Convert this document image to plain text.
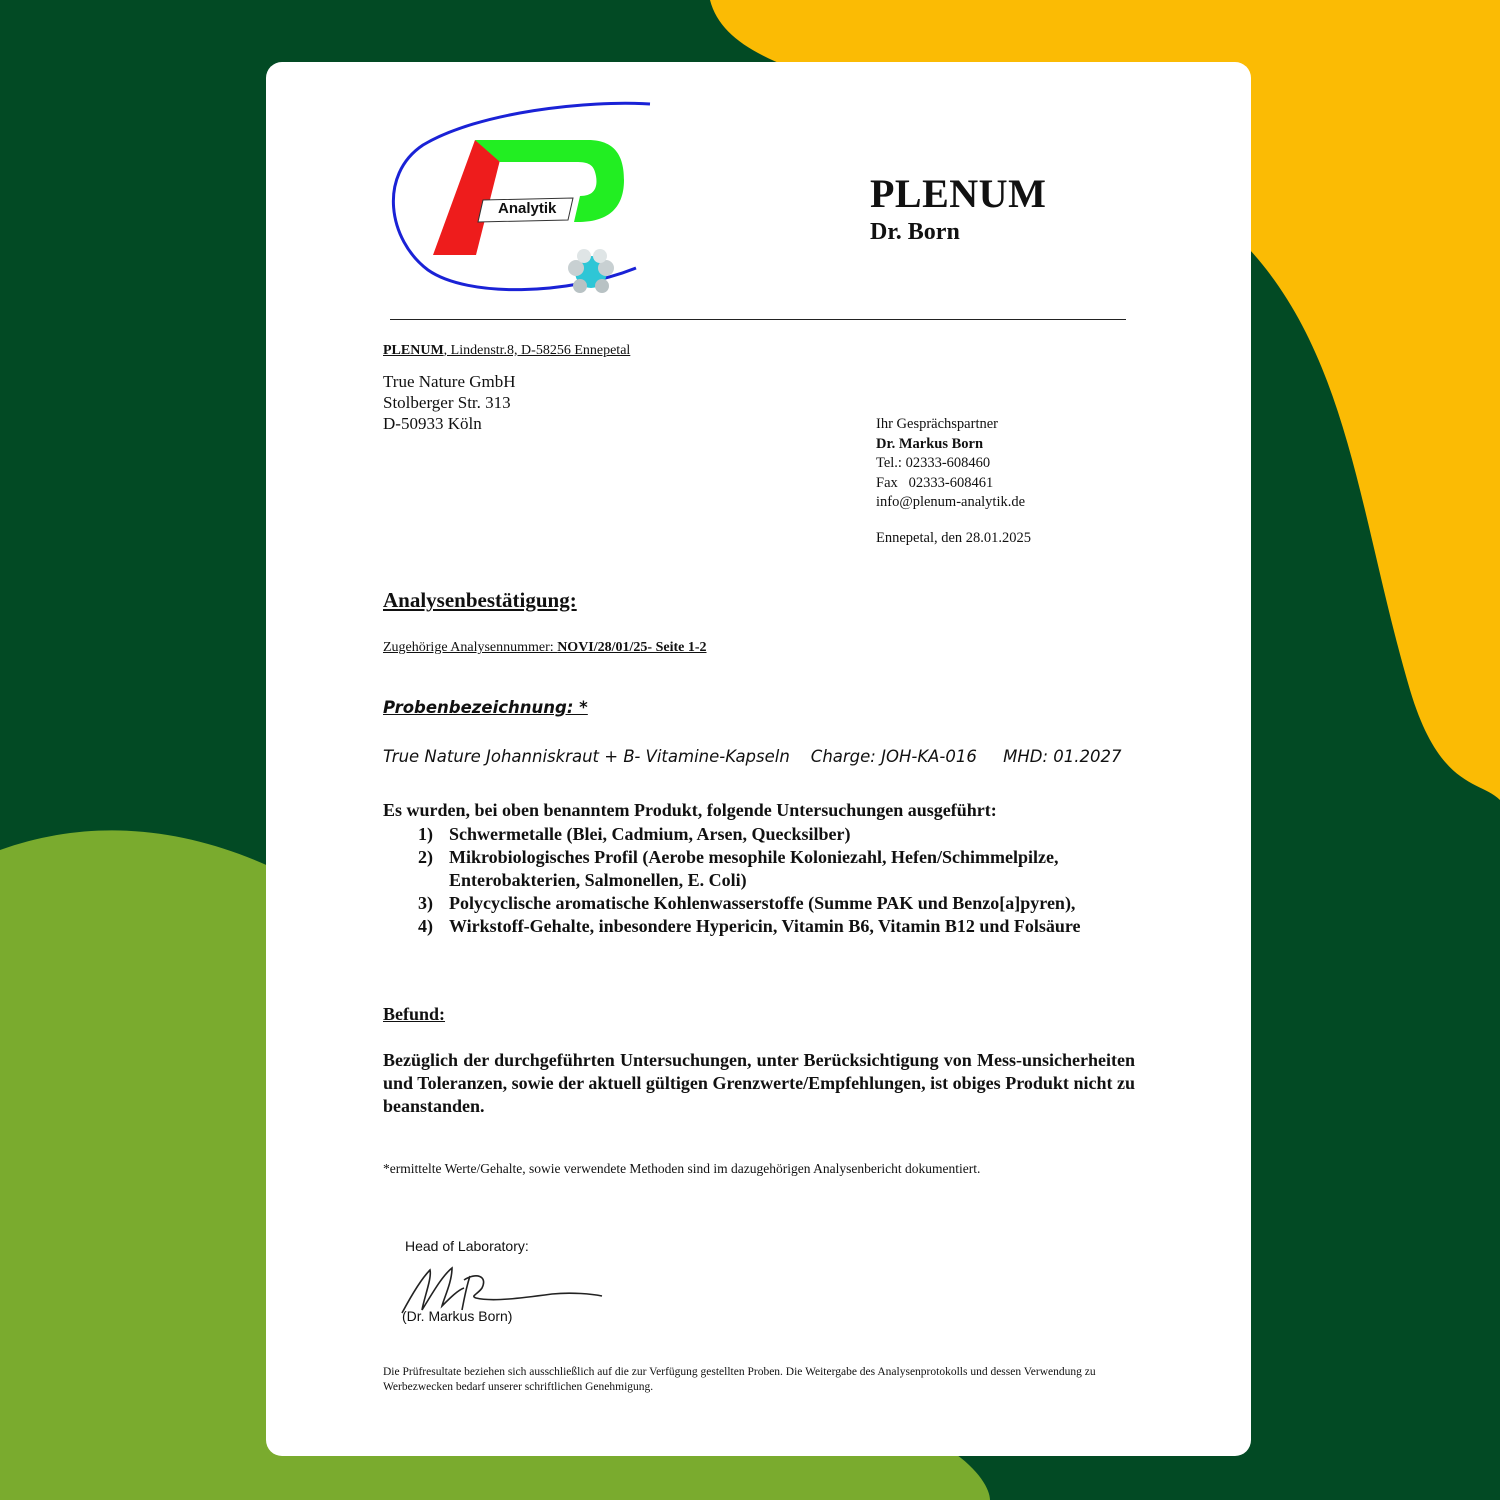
Analytik	PLENUM
Dr. Born
PLENUM, Lindenstr.8, D-58256 Ennepetal
True Nature GmbH
Stolberger Str. 313
D-50933 Köln	Ihr Gesprächspartner
Dr. Markus Born
Tel.: 02333-608460
Fax   02333-608461
info@plenum-analytik.de
Ennepetal, den 28.01.2025
Analysenbestätigung:
Zugehörige Analysennummer: NOVI/28/01/25- Seite 1-2
Probenbezeichnung: *
True Nature Johanniskraut + B- Vitamine-Kapseln    Charge: JOH-KA-016     MHD: 01.2027
Es wurden, bei oben benanntem Produkt, folgende Untersuchungen ausgeführt:
1) Schwermetalle (Blei, Cadmium, Arsen, Quecksilber)
2) Mikrobiologisches Profil (Aerobe mesophile Koloniezahl, Hefen/Schimmelpilze, Enterobakterien, Salmonellen, E. Coli)
3) Polycyclische aromatische Kohlenwasserstoffe (Summe PAK und Benzo[a]pyren),
4) Wirkstoff-Gehalte, inbesondere Hypericin, Vitamin B6, Vitamin B12 und Folsäure
Befund:
Bezüglich der durchgeführten Untersuchungen, unter Berücksichtigung von Mess-unsicherheiten und Toleranzen, sowie der aktuell gültigen Grenzwerte/Empfehlungen, ist obiges Produkt nicht zu beanstanden.
*ermittelte Werte/Gehalte, sowie verwendete Methoden sind im dazugehörigen Analysenbericht dokumentiert.
Head of Laboratory:
(Dr. Markus Born)
Die Prüfresultate beziehen sich ausschließlich auf die zur Verfügung gestellten Proben. Die Weitergabe des Analysenprotokolls und dessen Verwendung zu Werbezwecken bedarf unserer schriftlichen Genehmigung.
